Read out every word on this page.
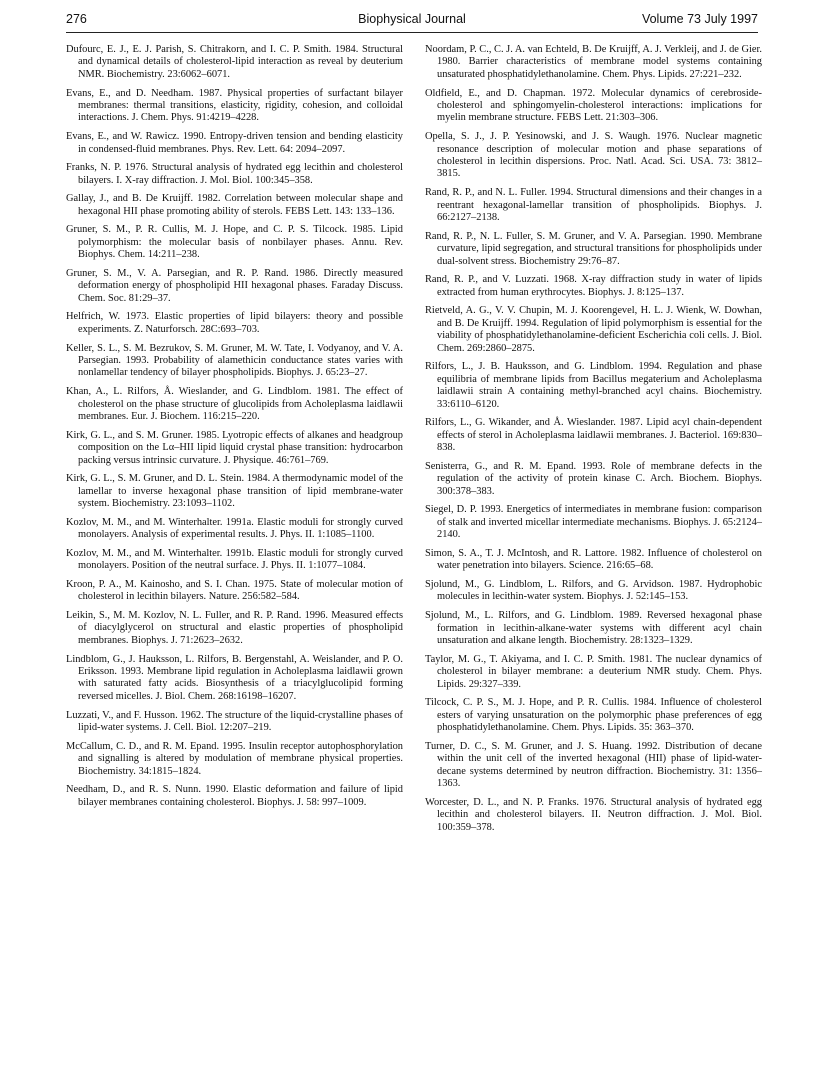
276	Biophysical Journal	Volume 73 July 1997

Dufourc, E. J., E. J. Parish, S. Chitrakorn, and I. C. P. Smith. 1984. Structural and dynamical details of cholesterol-lipid interaction as reveal by deuterium NMR. Biochemistry. 23:6062–6071.

Evans, E., and D. Needham. 1987. Physical properties of surfactant bilayer membranes: thermal transitions, elasticity, rigidity, cohesion, and colloidal interactions. J. Chem. Phys. 91:4219–4228.

Evans, E., and W. Rawicz. 1990. Entropy-driven tension and bending elasticity in condensed-fluid membranes. Phys. Rev. Lett. 64: 2094–2097.

Franks, N. P. 1976. Structural analysis of hydrated egg lecithin and cholesterol bilayers. I. X-ray diffraction. J. Mol. Biol. 100:345–358.

Gallay, J., and B. De Kruijff. 1982. Correlation between molecular shape and hexagonal HII phase promoting ability of sterols. FEBS Lett. 143: 133–136.

Gruner, S. M., P. R. Cullis, M. J. Hope, and C. P. S. Tilcock. 1985. Lipid polymorphism: the molecular basis of nonbilayer phases. Annu. Rev. Biophys. Chem. 14:211–238.

Gruner, S. M., V. A. Parsegian, and R. P. Rand. 1986. Directly measured deformation energy of phospholipid HII hexagonal phases. Faraday Discuss. Chem. Soc. 81:29–37.

Helfrich, W. 1973. Elastic properties of lipid bilayers: theory and possible experiments. Z. Naturforsch. 28C:693–703.

Keller, S. L., S. M. Bezrukov, S. M. Gruner, M. W. Tate, I. Vodyanoy, and V. A. Parsegian. 1993. Probability of alamethicin conductance states varies with nonlamellar tendency of bilayer phospholipids. Biophys. J. 65:23–27.

Khan, A., L. Rilfors, Å. Wieslander, and G. Lindblom. 1981. The effect of cholesterol on the phase structure of glucolipids from Acholeplasma laidlawii membranes. Eur. J. Biochem. 116:215–220.

Kirk, G. L., and S. M. Gruner. 1985. Lyotropic effects of alkanes and headgroup composition on the Lα–HII lipid liquid crystal phase transition: hydrocarbon packing versus intrinsic curvature. J. Physique. 46:761–769.

Kirk, G. L., S. M. Gruner, and D. L. Stein. 1984. A thermodynamic model of the lamellar to inverse hexagonal phase transition of lipid membrane-water system. Biochemistry. 23:1093–1102.

Kozlov, M. M., and M. Winterhalter. 1991a. Elastic moduli for strongly curved monolayers. Analysis of experimental results. J. Phys. II. 1:1085–1100.

Kozlov, M. M., and M. Winterhalter. 1991b. Elastic moduli for strongly curved monolayers. Position of the neutral surface. J. Phys. II. 1:1077–1084.

Kroon, P. A., M. Kainosho, and S. I. Chan. 1975. State of molecular motion of cholesterol in lecithin bilayers. Nature. 256:582–584.

Leikin, S., M. M. Kozlov, N. L. Fuller, and R. P. Rand. 1996. Measured effects of diacylglycerol on structural and elastic properties of phospholipid membranes. Biophys. J. 71:2623–2632.

Lindblom, G., J. Hauksson, L. Rilfors, B. Bergenstahl, A. Weislander, and P. O. Eriksson. 1993. Membrane lipid regulation in Acholeplasma laidlawii grown with saturated fatty acids. Biosynthesis of a triacylglucolipid forming reversed micelles. J. Biol. Chem. 268:16198–16207.

Luzzati, V., and F. Husson. 1962. The structure of the liquid-crystalline phases of lipid-water systems. J. Cell. Biol. 12:207–219.

McCallum, C. D., and R. M. Epand. 1995. Insulin receptor autophosphorylation and signalling is altered by modulation of membrane physical properties. Biochemistry. 34:1815–1824.

Needham, D., and R. S. Nunn. 1990. Elastic deformation and failure of lipid bilayer membranes containing cholesterol. Biophys. J. 58: 997–1009.

Noordam, P. C., C. J. A. van Echteld, B. De Kruijff, A. J. Verkleij, and J. de Gier. 1980. Barrier characteristics of membrane model systems containing unsaturated phosphatidylethanolamine. Chem. Phys. Lipids. 27:221–232.

Oldfield, E., and D. Chapman. 1972. Molecular dynamics of cerebroside-cholesterol and sphingomyelin-cholesterol interactions: implications for myelin membrane structure. FEBS Lett. 21:303–306.

Opella, S. J., J. P. Yesinowski, and J. S. Waugh. 1976. Nuclear magnetic resonance description of molecular motion and phase separations of cholesterol in lecithin dispersions. Proc. Natl. Acad. Sci. USA. 73: 3812–3815.

Rand, R. P., and N. L. Fuller. 1994. Structural dimensions and their changes in a reentrant hexagonal-lamellar transition of phospholipids. Biophys. J. 66:2127–2138.

Rand, R. P., N. L. Fuller, S. M. Gruner, and V. A. Parsegian. 1990. Membrane curvature, lipid segregation, and structural transitions for phospholipids under dual-solvent stress. Biochemistry 29:76–87.

Rand, R. P., and V. Luzzati. 1968. X-ray diffraction study in water of lipids extracted from human erythrocytes. Biophys. J. 8:125–137.

Rietveld, A. G., V. V. Chupin, M. J. Koorengevel, H. L. J. Wienk, W. Dowhan, and B. De Kruijff. 1994. Regulation of lipid polymorphism is essential for the viability of phosphatidylethanolamine-deficient Escherichia coli cells. J. Biol. Chem. 269:2860–2875.

Rilfors, L., J. B. Hauksson, and G. Lindblom. 1994. Regulation and phase equilibria of membrane lipids from Bacillus megaterium and Acholeplasma laidlawii strain A containing methyl-branched acyl chains. Biochemistry. 33:6110–6120.

Rilfors, L., G. Wikander, and Å. Wieslander. 1987. Lipid acyl chain-dependent effects of sterol in Acholeplasma laidlawii membranes. J. Bacteriol. 169:830–838.

Senisterra, G., and R. M. Epand. 1993. Role of membrane defects in the regulation of the activity of protein kinase C. Arch. Biochem. Biophys. 300:378–383.

Siegel, D. P. 1993. Energetics of intermediates in membrane fusion: comparison of stalk and inverted micellar intermediate mechanisms. Biophys. J. 65:2124–2140.

Simon, S. A., T. J. McIntosh, and R. Lattore. 1982. Influence of cholesterol on water penetration into bilayers. Science. 216:65–68.

Sjolund, M., G. Lindblom, L. Rilfors, and G. Arvidson. 1987. Hydrophobic molecules in lecithin-water system. Biophys. J. 52:145–153.

Sjolund, M., L. Rilfors, and G. Lindblom. 1989. Reversed hexagonal phase formation in lecithin-alkane-water systems with different acyl chain unsaturation and alkane length. Biochemistry. 28:1323–1329.

Taylor, M. G., T. Akiyama, and I. C. P. Smith. 1981. The nuclear dynamics of cholesterol in bilayer membrane: a deuterium NMR study. Chem. Phys. Lipids. 29:327–339.

Tilcock, C. P. S., M. J. Hope, and P. R. Cullis. 1984. Influence of cholesterol esters of varying unsaturation on the polymorphic phase preferences of egg phosphatidylethanolamine. Chem. Phys. Lipids. 35: 363–370.

Turner, D. C., S. M. Gruner, and J. S. Huang. 1992. Distribution of decane within the unit cell of the inverted hexagonal (HII) phase of lipid-water-decane systems determined by neutron diffraction. Biochemistry. 31: 1356–1363.

Worcester, D. L., and N. P. Franks. 1976. Structural analysis of hydrated egg lecithin and cholesterol bilayers. II. Neutron diffraction. J. Mol. Biol. 100:359–378.
